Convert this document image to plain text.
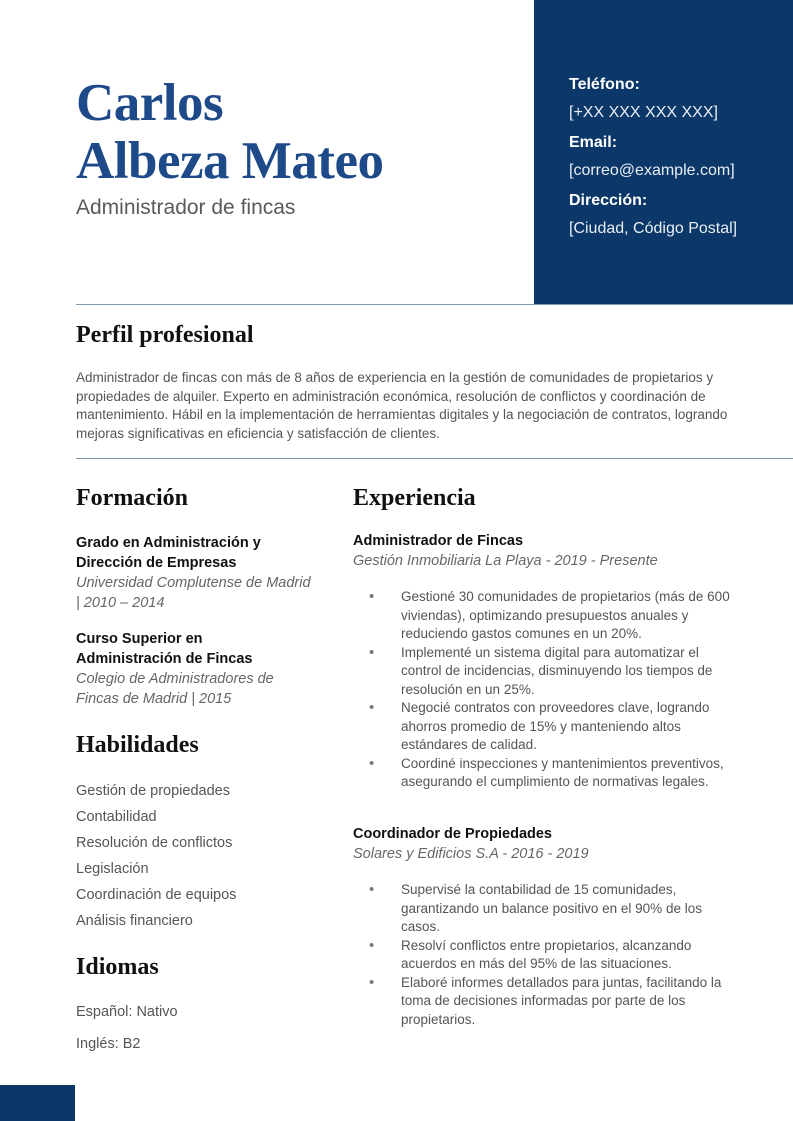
Carlos
Albeza Mateo
Administrador de fincas
Teléfono:
[+XX XXX XXX XXX]
Email:
[correo@example.com]
Dirección:
[Ciudad, Código Postal]
Perfil profesional

Administrador de fincas con más de 8 años de experiencia en la gestión de comunidades de propietarios y propiedades de alquiler. Experto en administración económica, resolución de conflictos y coordinación de mantenimiento. Hábil en la implementación de herramientas digitales y la negociación de contratos, logrando mejoras significativas en eficiencia y satisfacción de clientes.

Formación
Grado en Administración y Dirección de Empresas
Universidad Complutense de Madrid | 2010 – 2014
Curso Superior en Administración de Fincas
Colegio de Administradores de Fincas de Madrid | 2015
Habilidades
Gestión de propiedades
Contabilidad
Resolución de conflictos
Legislación
Coordinación de equipos
Análisis financiero
Idiomas
Español: Nativo
Inglés: B2
Experiencia
Administrador de Fincas
Gestión Inmobiliaria La Playa - 2019 - Presente
• Gestioné 30 comunidades de propietarios (más de 600 viviendas), optimizando presupuestos anuales y reduciendo gastos comunes en un 20%.
• Implementé un sistema digital para automatizar el control de incidencias, disminuyendo los tiempos de resolución en un 25%.
• Negocié contratos con proveedores clave, logrando ahorros promedio de 15% y manteniendo altos estándares de calidad.
• Coordiné inspecciones y mantenimientos preventivos, asegurando el cumplimiento de normativas legales.
Coordinador de Propiedades
Solares y Edificios S.A - 2016 - 2019
• Supervisé la contabilidad de 15 comunidades, garantizando un balance positivo en el 90% de los casos.
• Resolví conflictos entre propietarios, alcanzando acuerdos en más del 95% de las situaciones.
• Elaboré informes detallados para juntas, facilitando la toma de decisiones informadas por parte de los propietarios.
